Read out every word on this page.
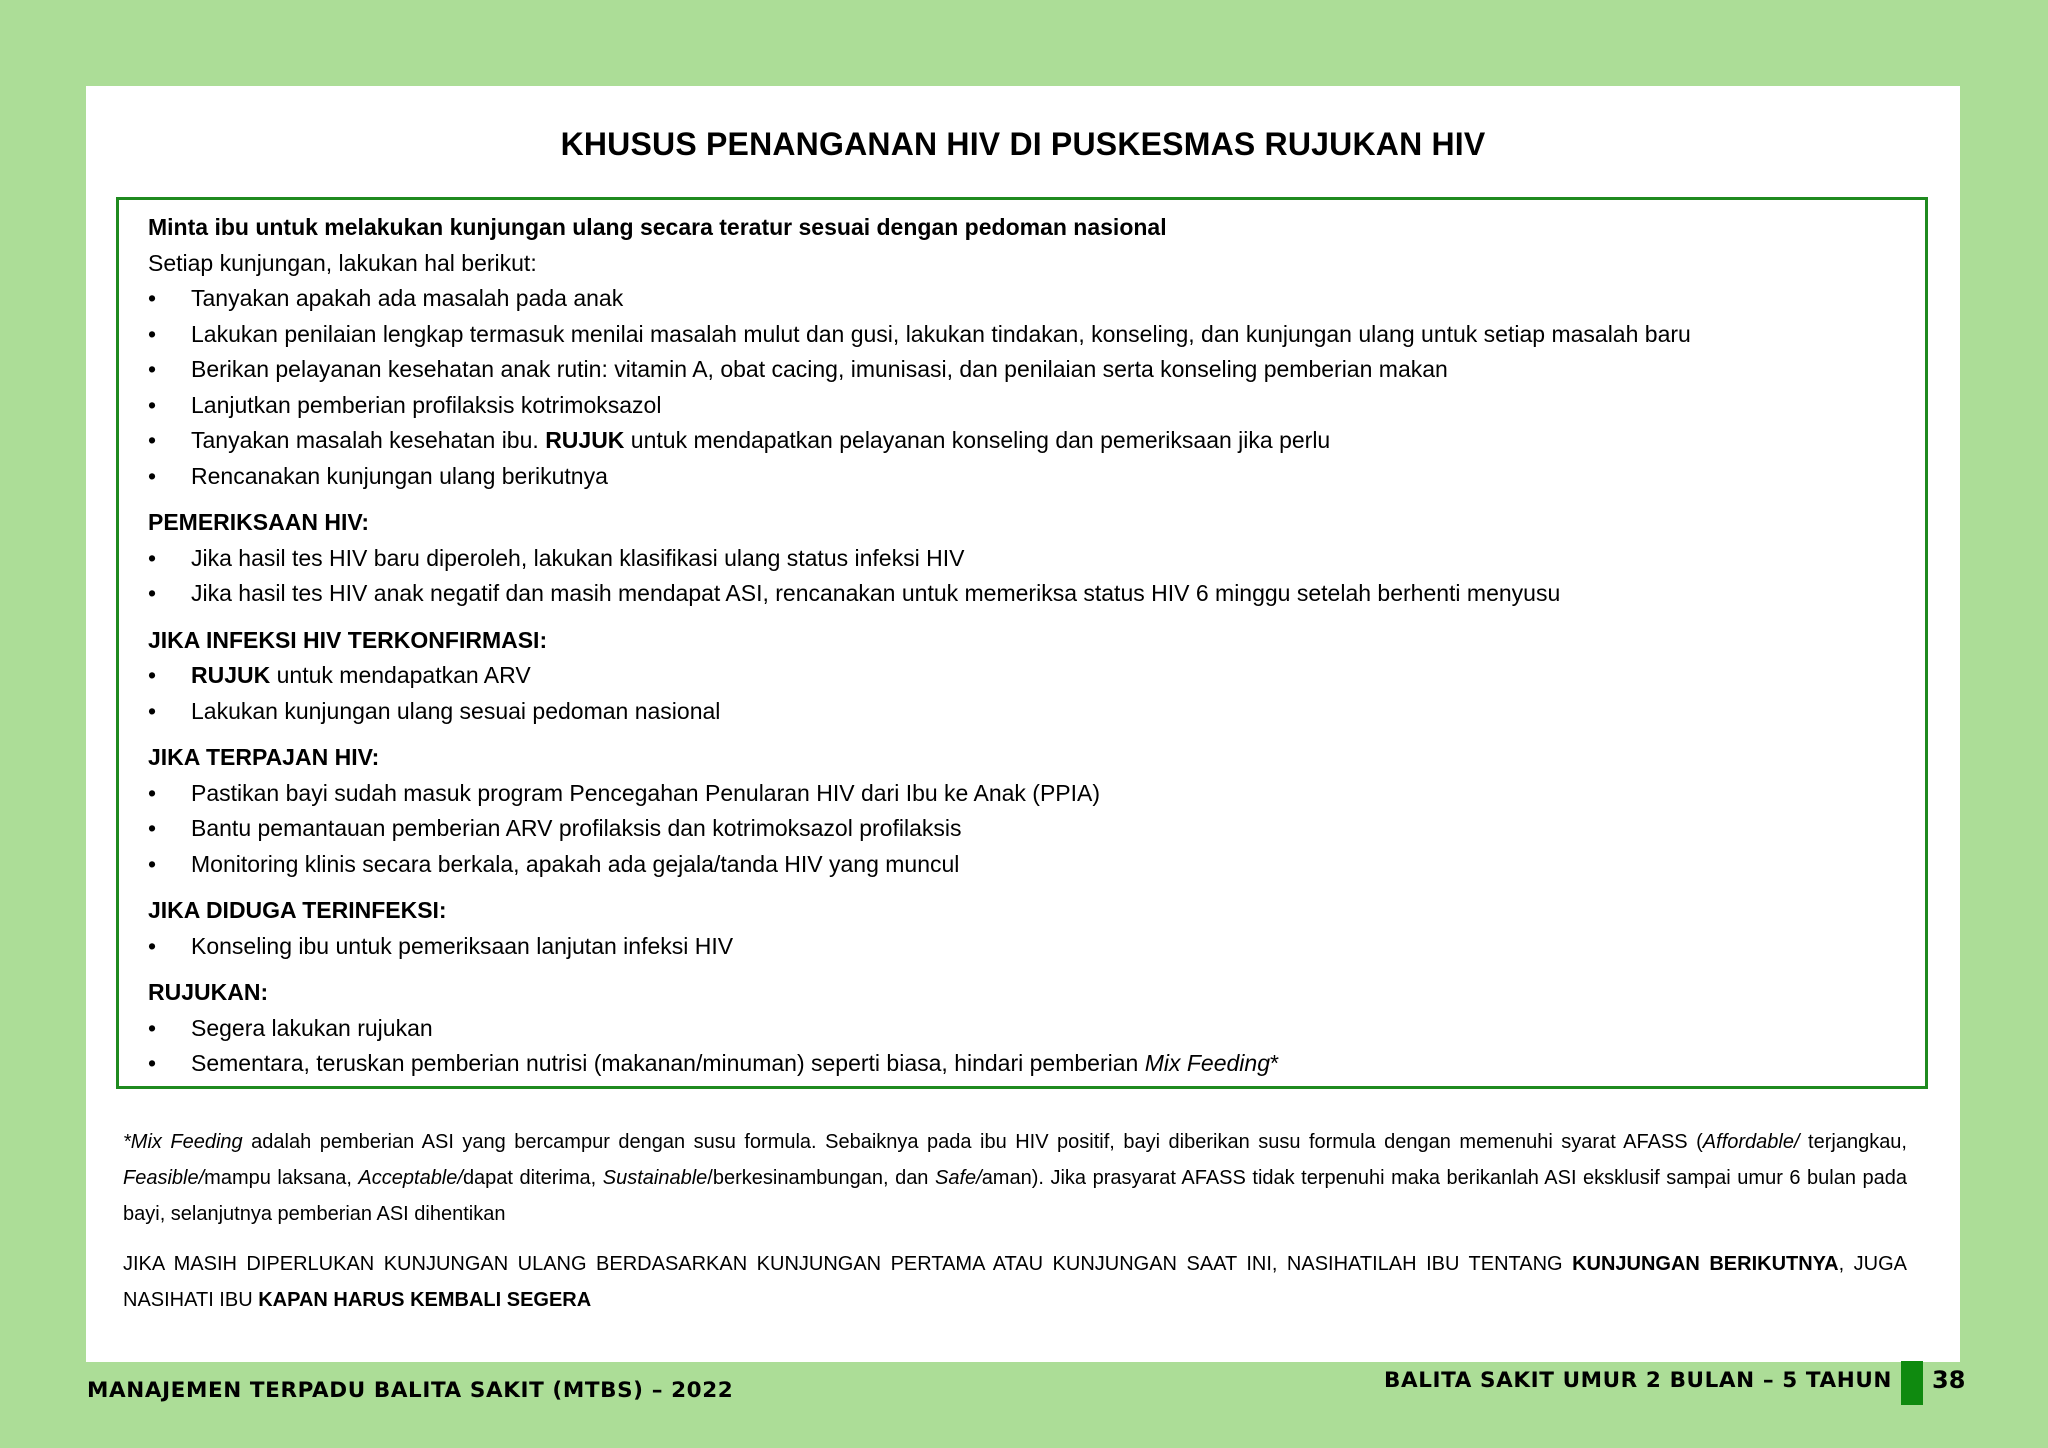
KHUSUS PENANGANAN HIV DI PUSKESMAS RUJUKAN HIV
Minta ibu untuk melakukan kunjungan ulang secara teratur sesuai dengan pedoman nasional
Setiap kunjungan, lakukan hal berikut:
• Tanyakan apakah ada masalah pada anak
• Lakukan penilaian lengkap termasuk menilai masalah mulut dan gusi, lakukan tindakan, konseling, dan kunjungan ulang untuk setiap masalah baru
• Berikan pelayanan kesehatan anak rutin: vitamin A, obat cacing, imunisasi, dan penilaian serta konseling pemberian makan
• Lanjutkan pemberian profilaksis kotrimoksazol
• Tanyakan masalah kesehatan ibu. RUJUK untuk mendapatkan pelayanan konseling dan pemeriksaan jika perlu
• Rencanakan kunjungan ulang berikutnya
PEMERIKSAAN HIV:
• Jika hasil tes HIV baru diperoleh, lakukan klasifikasi ulang status infeksi HIV
• Jika hasil tes HIV anak negatif dan masih mendapat ASI, rencanakan untuk memeriksa status HIV 6 minggu setelah berhenti menyusu
JIKA INFEKSI HIV TERKONFIRMASI:
• RUJUK untuk mendapatkan ARV
• Lakukan kunjungan ulang sesuai pedoman nasional
JIKA TERPAJAN HIV:
• Pastikan bayi sudah masuk program Pencegahan Penularan HIV dari Ibu ke Anak (PPIA)
• Bantu pemantauan pemberian ARV profilaksis dan kotrimoksazol profilaksis
• Monitoring klinis secara berkala, apakah ada gejala/tanda HIV yang muncul
JIKA DIDUGA TERINFEKSI:
• Konseling ibu untuk pemeriksaan lanjutan infeksi HIV
RUJUKAN:
• Segera lakukan rujukan
• Sementara, teruskan pemberian nutrisi (makanan/minuman) seperti biasa, hindari pemberian Mix Feeding*
*Mix Feeding adalah pemberian ASI yang bercampur dengan susu formula. Sebaiknya pada ibu HIV positif, bayi diberikan susu formula dengan memenuhi syarat AFASS (Affordable/ terjangkau, Feasible/mampu laksana, Acceptable/dapat diterima, Sustainable/berkesinambungan, dan Safe/aman). Jika prasyarat AFASS tidak terpenuhi maka berikanlah ASI eksklusif sampai umur 6 bulan pada bayi, selanjutnya pemberian ASI dihentikan
JIKA MASIH DIPERLUKAN KUNJUNGAN ULANG BERDASARKAN KUNJUNGAN PERTAMA ATAU KUNJUNGAN SAAT INI, NASIHATILAH IBU TENTANG KUNJUNGAN BERIKUTNYA, JUGA NASIHATI IBU KAPAN HARUS KEMBALI SEGERA
MANAJEMEN TERPADU BALITA SAKIT (MTBS) – 2022	BALITA SAKIT UMUR 2 BULAN – 5 TAHUN 38
